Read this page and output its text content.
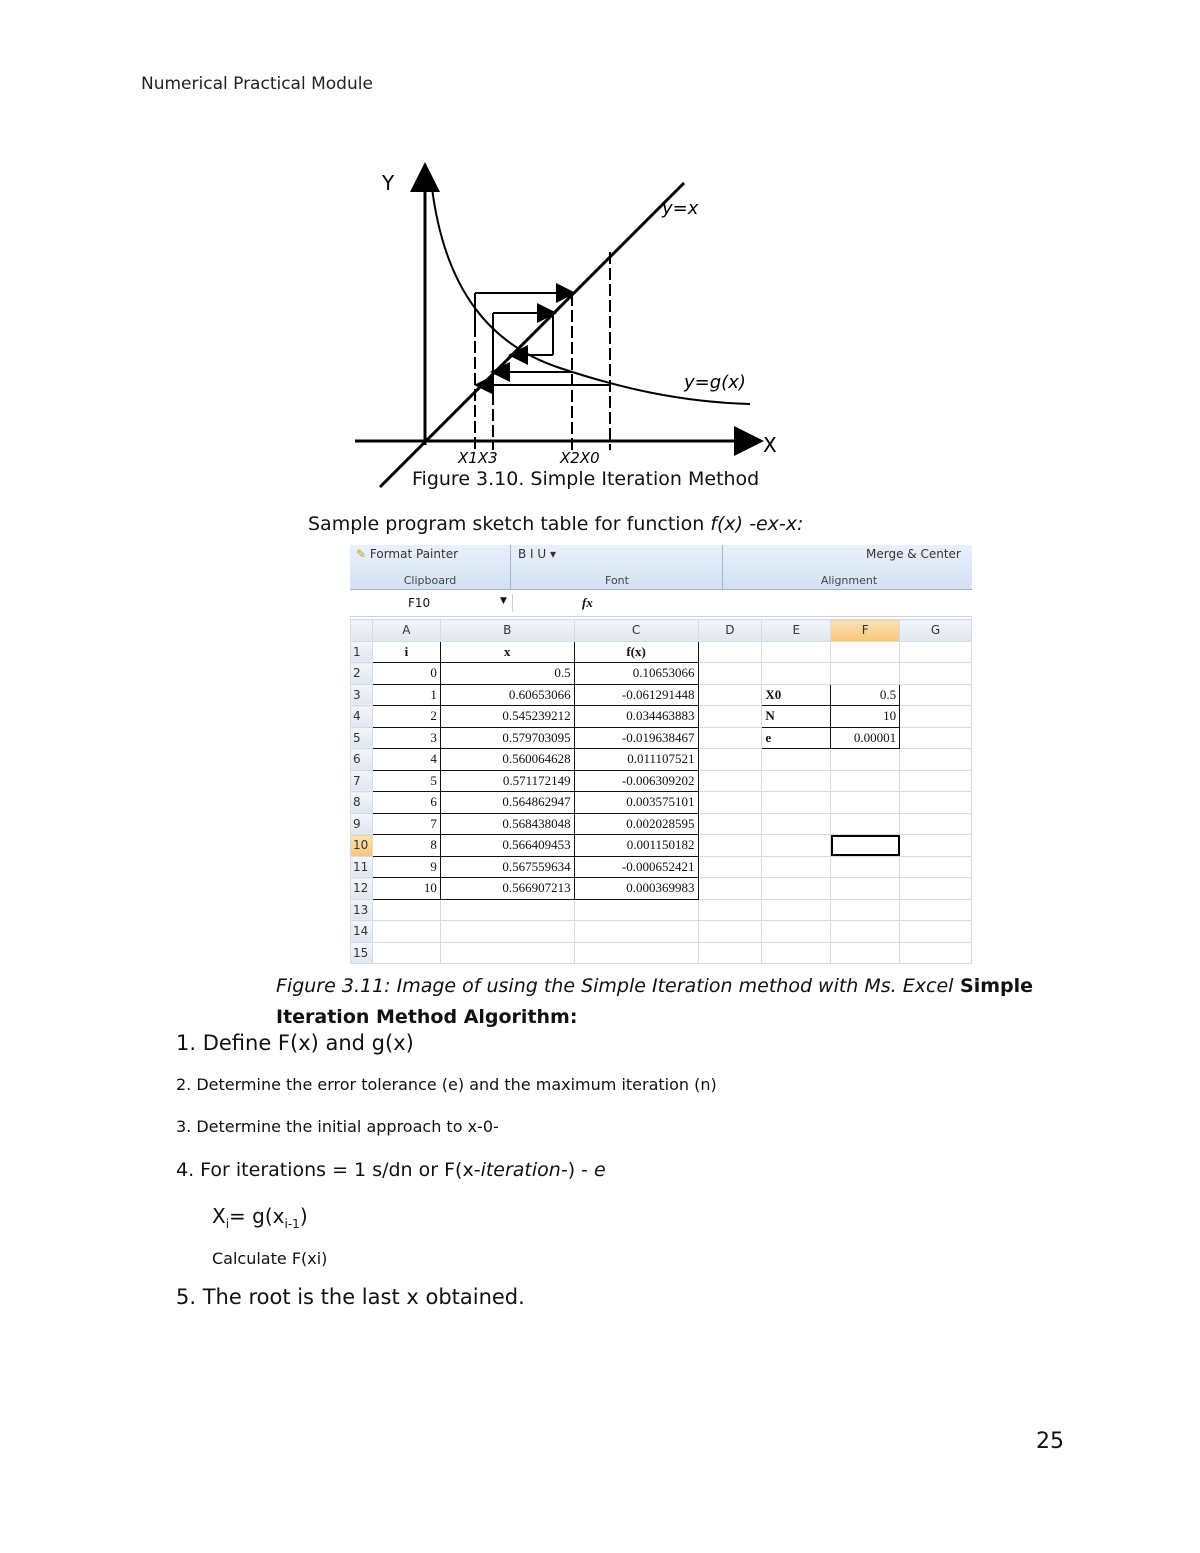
Numerical Practical Module
Y
X
y=x
y=g(x)
X1X3	X2X0
Figure 3.10. Simple Iteration Method
Sample program sketch table for function f(x) -ex-x:
✎ Format Painter
Clipboard
B I U ▾
Font
Merge & Center
Alignment
F10	▼	fx
	A	B	C	D	E	F	G
1	i	x	f(x)				
2	0	0.5	0.10653066				
3	1	0.60653066	-0.061291448		X0	0.5	
4	2	0.545239212	0.034463883		N	10	
5	3	0.579703095	-0.019638467		e	0.00001	
6	4	0.560064628	0.011107521				
7	5	0.571172149	-0.006309202				
8	6	0.564862947	0.003575101				
9	7	0.568438048	0.002028595				
10	8	0.566409453	0.001150182				
11	9	0.567559634	-0.000652421				
12	10	0.566907213	0.000369983				
13							
14							
15							
Figure 3.11: Image of using the Simple Iteration method with Ms. Excel Simple Iteration Method Algorithm:
1. Define F(x) and g(x)
2. Determine the error tolerance (e) and the maximum iteration (n)
3. Determine the initial approach to x-0-
4. For iterations = 1 s/dn or F(x-iteration-) - e
$X_i= g(x_{i-1})$
Calculate F(xi)
5. The root is the last x obtained.
25
